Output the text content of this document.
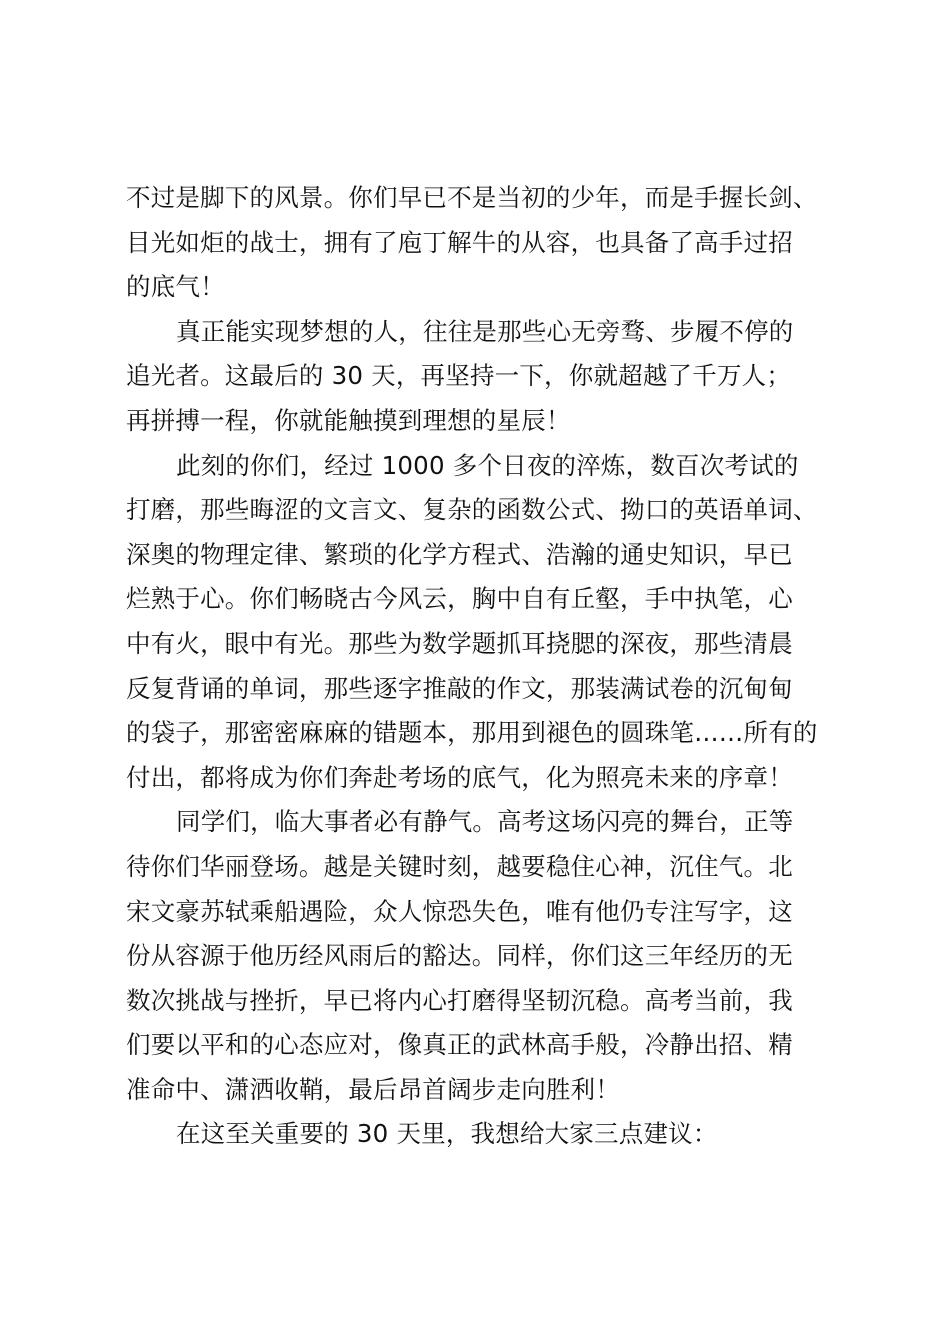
不过是脚下的风景。你们早已不是当初的少年，而是手握长剑、
目光如炬的战士，拥有了庖丁解牛的从容，也具备了高手过招
的底气！
真正能实现梦想的人，往往是那些心无旁骛、步履不停的
追光者。这最后的 30 天，再坚持一下，你就超越了千万人；
再拼搏一程，你就能触摸到理想的星辰！
此刻的你们，经过 1000 多个日夜的淬炼，数百次考试的
打磨，那些晦涩的文言文、复杂的函数公式、拗口的英语单词、
深奥的物理定律、繁琐的化学方程式、浩瀚的通史知识，早已
烂熟于心。你们畅晓古今风云，胸中自有丘壑，手中执笔，心
中有火，眼中有光。那些为数学题抓耳挠腮的深夜，那些清晨
反复背诵的单词，那些逐字推敲的作文，那装满试卷的沉甸甸
的袋子，那密密麻麻的错题本，那用到褪色的圆珠笔……所有的
付出，都将成为你们奔赴考场的底气，化为照亮未来的序章！
同学们，临大事者必有静气。高考这场闪亮的舞台，正等
待你们华丽登场。越是关键时刻，越要稳住心神，沉住气。北
宋文豪苏轼乘船遇险，众人惊恐失色，唯有他仍专注写字，这
份从容源于他历经风雨后的豁达。同样，你们这三年经历的无
数次挑战与挫折，早已将内心打磨得坚韧沉稳。高考当前，我
们要以平和的心态应对，像真正的武林高手般，冷静出招、精
准命中、潇洒收鞘，最后昂首阔步走向胜利！
在这至关重要的 30 天里，我想给大家三点建议：
